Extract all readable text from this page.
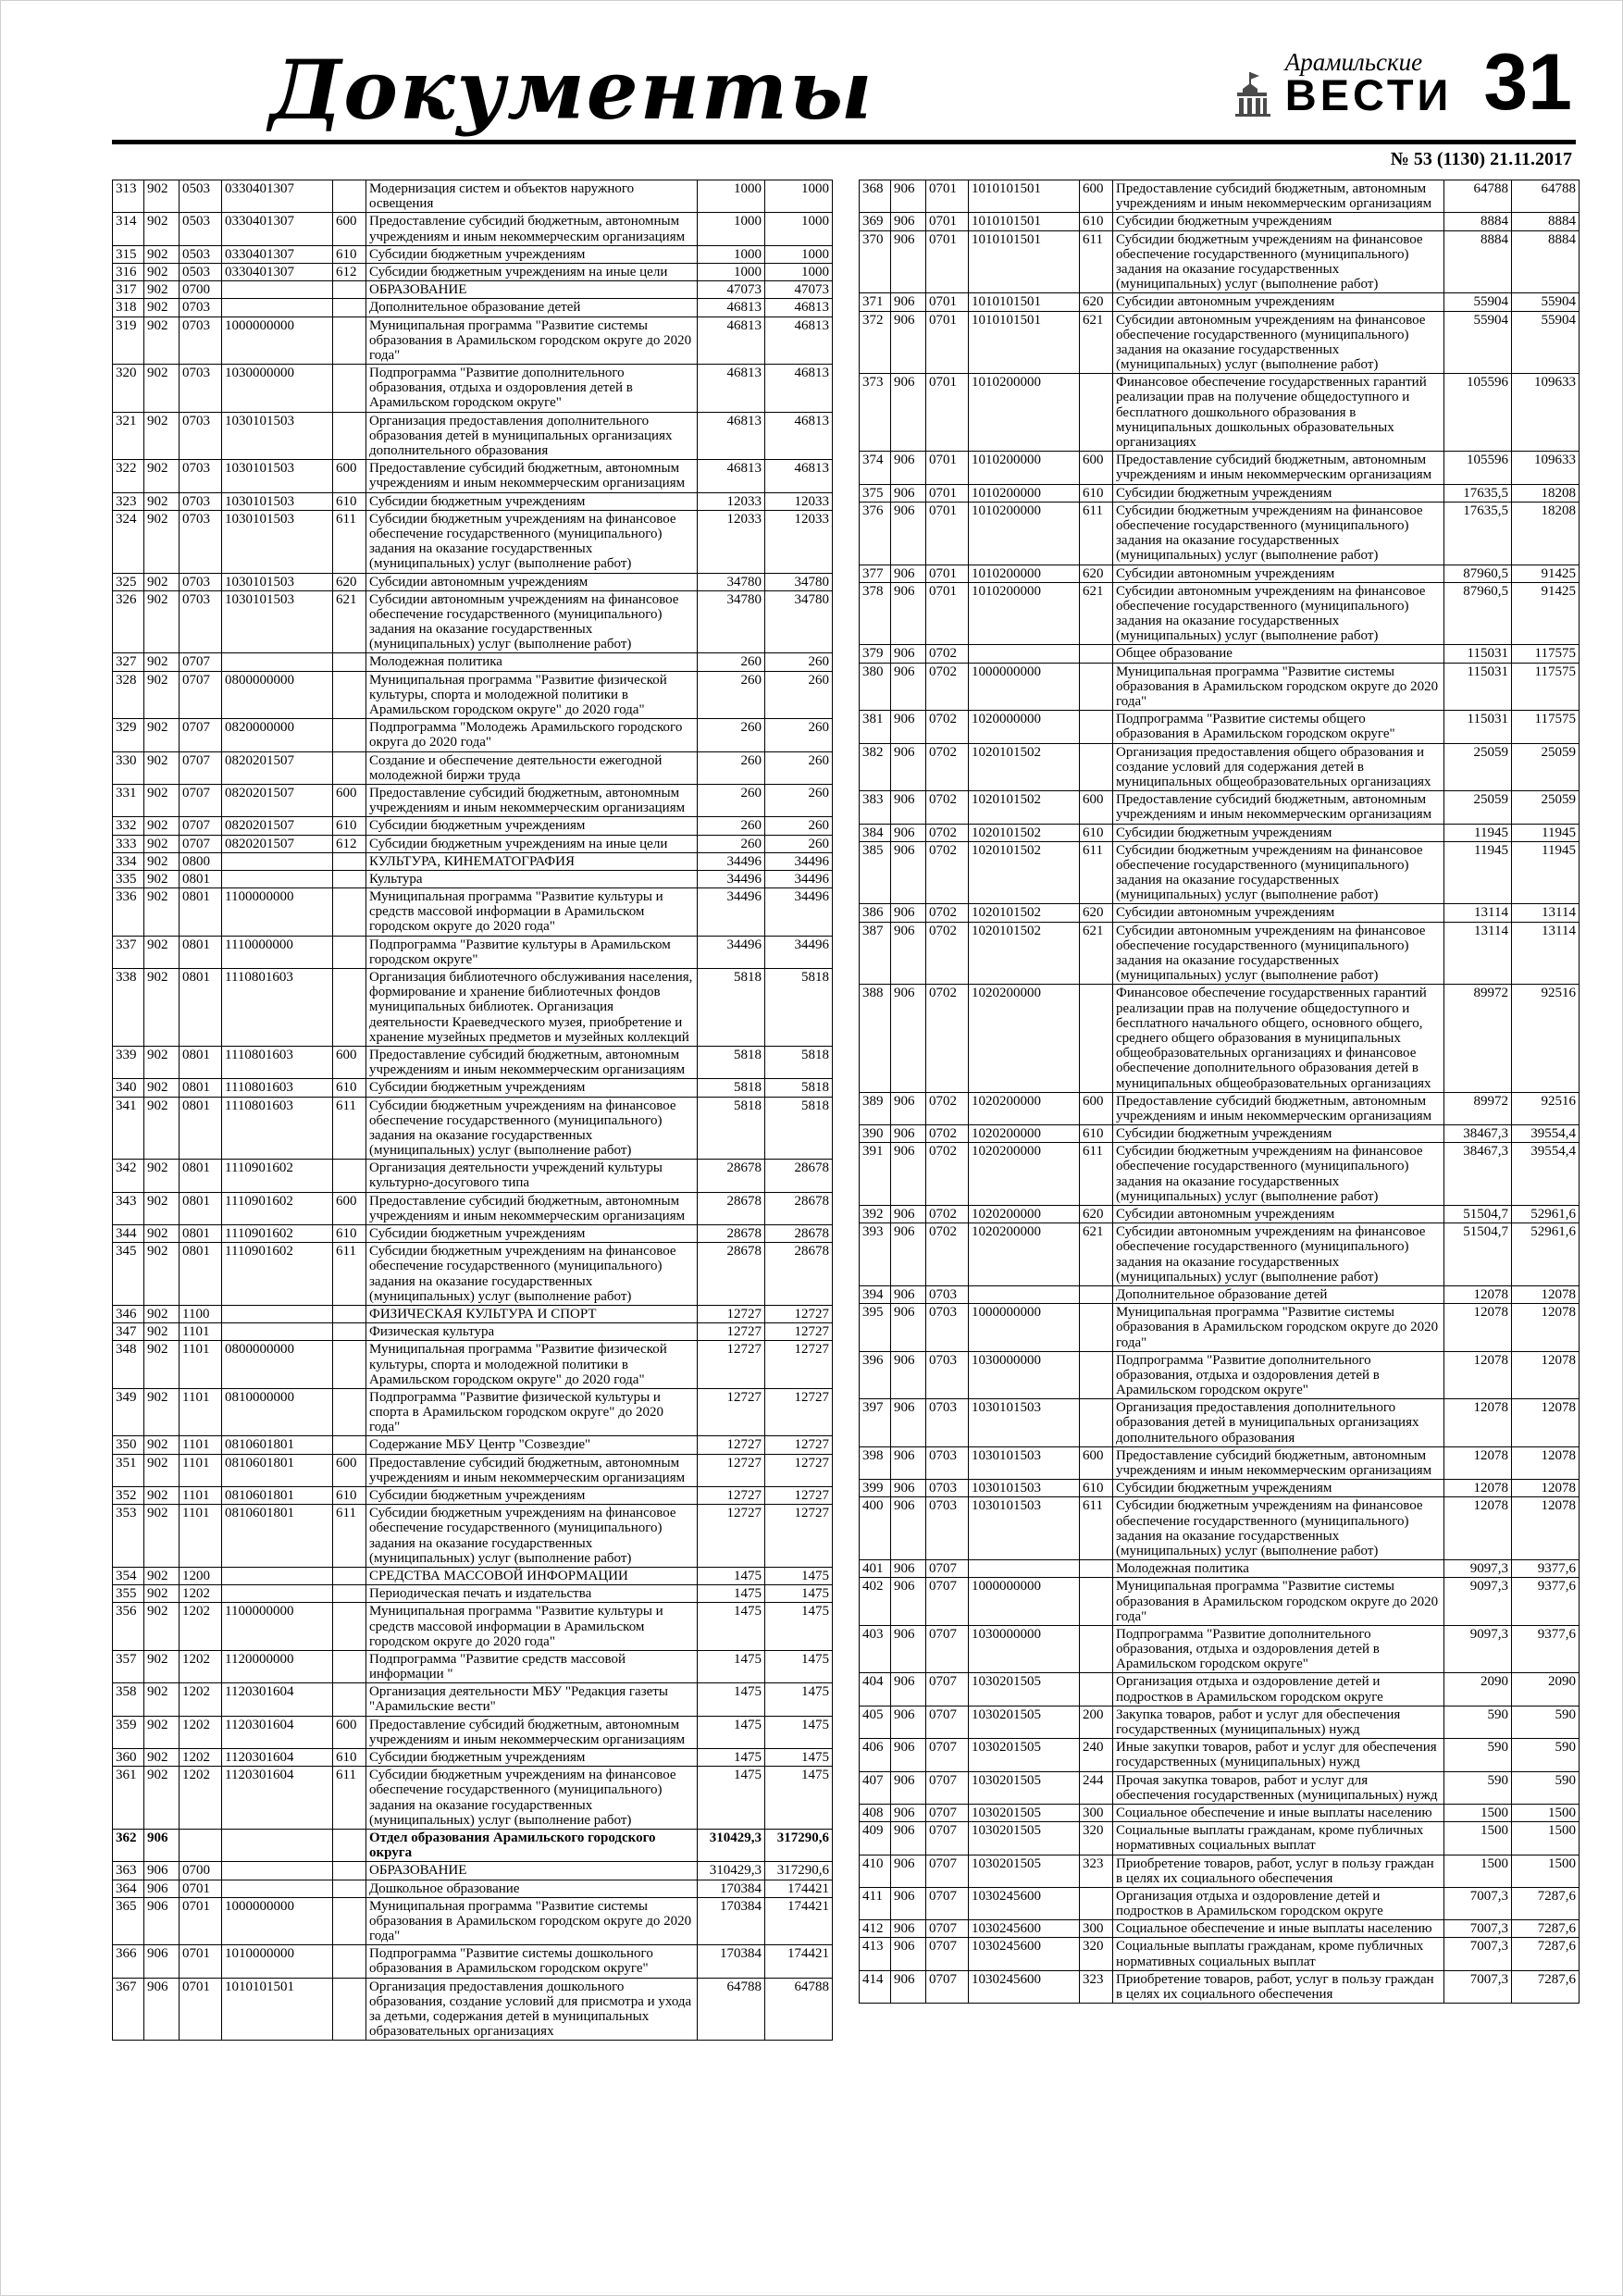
Документы	Арамильские
ВЕСТИ 31
№ 53 (1130) 21.11.2017
313	902	0503	0330401307		Модернизация систем и объектов наружного освещения	1000	1000
314	902	0503	0330401307	600	Предоставление субсидий бюджетным, автономным учреждениям и иным некоммерческим организациям	1000	1000
315	902	0503	0330401307	610	Субсидии бюджетным учреждениям	1000	1000
316	902	0503	0330401307	612	Субсидии бюджетным учреждениям на иные цели	1000	1000
317	902	0700			ОБРАЗОВАНИЕ	47073	47073
318	902	0703			Дополнительное образование детей	46813	46813
319	902	0703	1000000000		Муниципальная программа "Развитие системы образования в Арамильском городском округе до 2020 года"	46813	46813
320	902	0703	1030000000		Подпрограмма "Развитие дополнительного образования, отдыха и оздоровления детей в Арамильском городском округе"	46813	46813
321	902	0703	1030101503		Организация предоставления дополнительного образования детей в муниципальных организациях дополнительного образования	46813	46813
322	902	0703	1030101503	600	Предоставление субсидий бюджетным, автономным учреждениям и иным некоммерческим организациям	46813	46813
323	902	0703	1030101503	610	Субсидии бюджетным учреждениям	12033	12033
324	902	0703	1030101503	611	Субсидии бюджетным учреждениям на финансовое обеспечение государственного (муниципального) задания на оказание государственных (муниципальных) услуг (выполнение работ)	12033	12033
325	902	0703	1030101503	620	Субсидии автономным учреждениям	34780	34780
326	902	0703	1030101503	621	Субсидии автономным учреждениям на финансовое обеспечение государственного (муниципального) задания на оказание государственных (муниципальных) услуг (выполнение работ)	34780	34780
327	902	0707			Молодежная политика	260	260
328	902	0707	0800000000		Муниципальная программа "Развитие физической культуры, спорта и молодежной политики в Арамильском городском округе" до 2020 года"	260	260
329	902	0707	0820000000		Подпрограмма "Молодежь Арамильского городского округа до 2020 года"	260	260
330	902	0707	0820201507		Создание и обеспечение деятельности ежегодной молодежной биржи труда	260	260
331	902	0707	0820201507	600	Предоставление субсидий бюджетным, автономным учреждениям и иным некоммерческим организациям	260	260
332	902	0707	0820201507	610	Субсидии бюджетным учреждениям	260	260
333	902	0707	0820201507	612	Субсидии бюджетным учреждениям на иные цели	260	260
334	902	0800			КУЛЬТУРА, КИНЕМАТОГРАФИЯ	34496	34496
335	902	0801			Культура	34496	34496
336	902	0801	1100000000		Муниципальная программа "Развитие культуры и средств массовой информации в Арамильском городском округе до 2020 года"	34496	34496
337	902	0801	1110000000		Подпрограмма "Развитие культуры в Арамильском городском округе"	34496	34496
338	902	0801	1110801603		Организация библиотечного обслуживания населения, формирование и хранение библиотечных фондов муниципальных библиотек. Организация деятельности Краеведческого музея, приобретение и хранение музейных предметов и музейных коллекций	5818	5818
339	902	0801	1110801603	600	Предоставление субсидий бюджетным, автономным учреждениям и иным некоммерческим организациям	5818	5818
340	902	0801	1110801603	610	Субсидии бюджетным учреждениям	5818	5818
341	902	0801	1110801603	611	Субсидии бюджетным учреждениям на финансовое обеспечение государственного (муниципального) задания на оказание государственных (муниципальных) услуг (выполнение работ)	5818	5818
342	902	0801	1110901602		Организация деятельности учреждений культуры культурно-досугового типа	28678	28678
343	902	0801	1110901602	600	Предоставление субсидий бюджетным, автономным учреждениям и иным некоммерческим организациям	28678	28678
344	902	0801	1110901602	610	Субсидии бюджетным учреждениям	28678	28678
345	902	0801	1110901602	611	Субсидии бюджетным учреждениям на финансовое обеспечение государственного (муниципального) задания на оказание государственных (муниципальных) услуг (выполнение работ)	28678	28678
346	902	1100			ФИЗИЧЕСКАЯ КУЛЬТУРА И СПОРТ	12727	12727
347	902	1101			Физическая культура	12727	12727
348	902	1101	0800000000		Муниципальная программа "Развитие физической культуры, спорта и молодежной политики в Арамильском городском округе" до 2020 года"	12727	12727
349	902	1101	0810000000		Подпрограмма "Развитие физической культуры и спорта в Арамильском городском округе" до 2020 года"	12727	12727
350	902	1101	0810601801		Содержание МБУ Центр "Созвездие"	12727	12727
351	902	1101	0810601801	600	Предоставление субсидий бюджетным, автономным учреждениям и иным некоммерческим организациям	12727	12727
352	902	1101	0810601801	610	Субсидии бюджетным учреждениям	12727	12727
353	902	1101	0810601801	611	Субсидии бюджетным учреждениям на финансовое обеспечение государственного (муниципального) задания на оказание государственных (муниципальных) услуг (выполнение работ)	12727	12727
354	902	1200			СРЕДСТВА МАССОВОЙ ИНФОРМАЦИИ	1475	1475
355	902	1202			Периодическая печать и издательства	1475	1475
356	902	1202	1100000000		Муниципальная программа "Развитие культуры и средств массовой информации в Арамильском городском округе до 2020 года"	1475	1475
357	902	1202	1120000000		Подпрограмма "Развитие средств массовой информации "	1475	1475
358	902	1202	1120301604		Организация деятельности МБУ "Редакция газеты "Арамильские вести"	1475	1475
359	902	1202	1120301604	600	Предоставление субсидий бюджетным, автономным учреждениям и иным некоммерческим организациям	1475	1475
360	902	1202	1120301604	610	Субсидии бюджетным учреждениям	1475	1475
361	902	1202	1120301604	611	Субсидии бюджетным учреждениям на финансовое обеспечение государственного (муниципального) задания на оказание государственных (муниципальных) услуг (выполнение работ)	1475	1475
362	906				Отдел образования Арамильского городского округа	310429,3	317290,6
363	906	0700			ОБРАЗОВАНИЕ	310429,3	317290,6
364	906	0701			Дошкольное образование	170384	174421
365	906	0701	1000000000		Муниципальная программа "Развитие системы образования в Арамильском городском округе до 2020 года"	170384	174421
366	906	0701	1010000000		Подпрограмма "Развитие системы дошкольного образования в Арамильском городском округе"	170384	174421
367	906	0701	1010101501		Организация предоставления дошкольного образования, создание условий для присмотра и ухода за детьми, содержания детей в муниципальных образовательных организациях	64788	64788
368	906	0701	1010101501	600	Предоставление субсидий бюджетным, автономным учреждениям и иным некоммерческим организациям	64788	64788
369	906	0701	1010101501	610	Субсидии бюджетным учреждениям	8884	8884
370	906	0701	1010101501	611	Субсидии бюджетным учреждениям на финансовое обеспечение государственного (муниципального) задания на оказание государственных (муниципальных) услуг (выполнение работ)	8884	8884
371	906	0701	1010101501	620	Субсидии автономным учреждениям	55904	55904
372	906	0701	1010101501	621	Субсидии автономным учреждениям на финансовое обеспечение государственного (муниципального) задания на оказание государственных (муниципальных) услуг (выполнение работ)	55904	55904
373	906	0701	1010200000		Финансовое обеспечение государственных гарантий реализации прав на получение общедоступного и бесплатного дошкольного образования в муниципальных дошкольных образовательных организациях	105596	109633
374	906	0701	1010200000	600	Предоставление субсидий бюджетным, автономным учреждениям и иным некоммерческим организациям	105596	109633
375	906	0701	1010200000	610	Субсидии бюджетным учреждениям	17635,5	18208
376	906	0701	1010200000	611	Субсидии бюджетным учреждениям на финансовое обеспечение государственного (муниципального) задания на оказание государственных (муниципальных) услуг (выполнение работ)	17635,5	18208
377	906	0701	1010200000	620	Субсидии автономным учреждениям	87960,5	91425
378	906	0701	1010200000	621	Субсидии автономным учреждениям на финансовое обеспечение государственного (муниципального) задания на оказание государственных (муниципальных) услуг (выполнение работ)	87960,5	91425
379	906	0702			Общее образование	115031	117575
380	906	0702	1000000000		Муниципальная программа "Развитие системы образования в Арамильском городском округе до 2020 года"	115031	117575
381	906	0702	1020000000		Подпрограмма "Развитие системы общего образования в Арамильском городском округе"	115031	117575
382	906	0702	1020101502		Организация предоставления общего образования и создание условий для содержания детей в муниципальных общеобразовательных организациях	25059	25059
383	906	0702	1020101502	600	Предоставление субсидий бюджетным, автономным учреждениям и иным некоммерческим организациям	25059	25059
384	906	0702	1020101502	610	Субсидии бюджетным учреждениям	11945	11945
385	906	0702	1020101502	611	Субсидии бюджетным учреждениям на финансовое обеспечение государственного (муниципального) задания на оказание государственных (муниципальных) услуг (выполнение работ)	11945	11945
386	906	0702	1020101502	620	Субсидии автономным учреждениям	13114	13114
387	906	0702	1020101502	621	Субсидии автономным учреждениям на финансовое обеспечение государственного (муниципального) задания на оказание государственных (муниципальных) услуг (выполнение работ)	13114	13114
388	906	0702	1020200000		Финансовое обеспечение государственных гарантий реализации прав на получение общедоступного и бесплатного начального общего, основного общего, среднего общего образования в муниципальных общеобразовательных организациях и финансовое обеспечение дополнительного образования детей в муниципальных общеобразовательных организациях	89972	92516
389	906	0702	1020200000	600	Предоставление субсидий бюджетным, автономным учреждениям и иным некоммерческим организациям	89972	92516
390	906	0702	1020200000	610	Субсидии бюджетным учреждениям	38467,3	39554,4
391	906	0702	1020200000	611	Субсидии бюджетным учреждениям на финансовое обеспечение государственного (муниципального) задания на оказание государственных (муниципальных) услуг (выполнение работ)	38467,3	39554,4
392	906	0702	1020200000	620	Субсидии автономным учреждениям	51504,7	52961,6
393	906	0702	1020200000	621	Субсидии автономным учреждениям на финансовое обеспечение государственного (муниципального) задания на оказание государственных (муниципальных) услуг (выполнение работ)	51504,7	52961,6
394	906	0703			Дополнительное образование детей	12078	12078
395	906	0703	1000000000		Муниципальная программа "Развитие системы образования в Арамильском городском округе до 2020 года"	12078	12078
396	906	0703	1030000000		Подпрограмма "Развитие дополнительного образования, отдыха и оздоровления детей в Арамильском городском округе"	12078	12078
397	906	0703	1030101503		Организация предоставления дополнительного образования детей в муниципальных организациях дополнительного образования	12078	12078
398	906	0703	1030101503	600	Предоставление субсидий бюджетным, автономным учреждениям и иным некоммерческим организациям	12078	12078
399	906	0703	1030101503	610	Субсидии бюджетным учреждениям	12078	12078
400	906	0703	1030101503	611	Субсидии бюджетным учреждениям на финансовое обеспечение государственного (муниципального) задания на оказание государственных (муниципальных) услуг (выполнение работ)	12078	12078
401	906	0707			Молодежная политика	9097,3	9377,6
402	906	0707	1000000000		Муниципальная программа "Развитие системы образования в Арамильском городском округе до 2020 года"	9097,3	9377,6
403	906	0707	1030000000		Подпрограмма "Развитие дополнительного образования, отдыха и оздоровления детей в Арамильском городском округе"	9097,3	9377,6
404	906	0707	1030201505		Организация отдыха и оздоровление детей и подростков в Арамильском городском округе	2090	2090
405	906	0707	1030201505	200	Закупка товаров, работ и услуг для обеспечения государственных (муниципальных) нужд	590	590
406	906	0707	1030201505	240	Иные закупки товаров, работ и услуг для обеспечения государственных (муниципальных) нужд	590	590
407	906	0707	1030201505	244	Прочая закупка товаров, работ и услуг для обеспечения государственных (муниципальных) нужд	590	590
408	906	0707	1030201505	300	Социальное обеспечение и иные выплаты населению	1500	1500
409	906	0707	1030201505	320	Социальные выплаты гражданам, кроме публичных нормативных социальных выплат	1500	1500
410	906	0707	1030201505	323	Приобретение товаров, работ, услуг в пользу граждан в целях их социального обеспечения	1500	1500
411	906	0707	1030245600		Организация отдыха и оздоровление детей и подростков в Арамильском городском округе	7007,3	7287,6
412	906	0707	1030245600	300	Социальное обеспечение и иные выплаты населению	7007,3	7287,6
413	906	0707	1030245600	320	Социальные выплаты гражданам, кроме публичных нормативных социальных выплат	7007,3	7287,6
414	906	0707	1030245600	323	Приобретение товаров, работ, услуг в пользу граждан в целях их социального обеспечения	7007,3	7287,6
